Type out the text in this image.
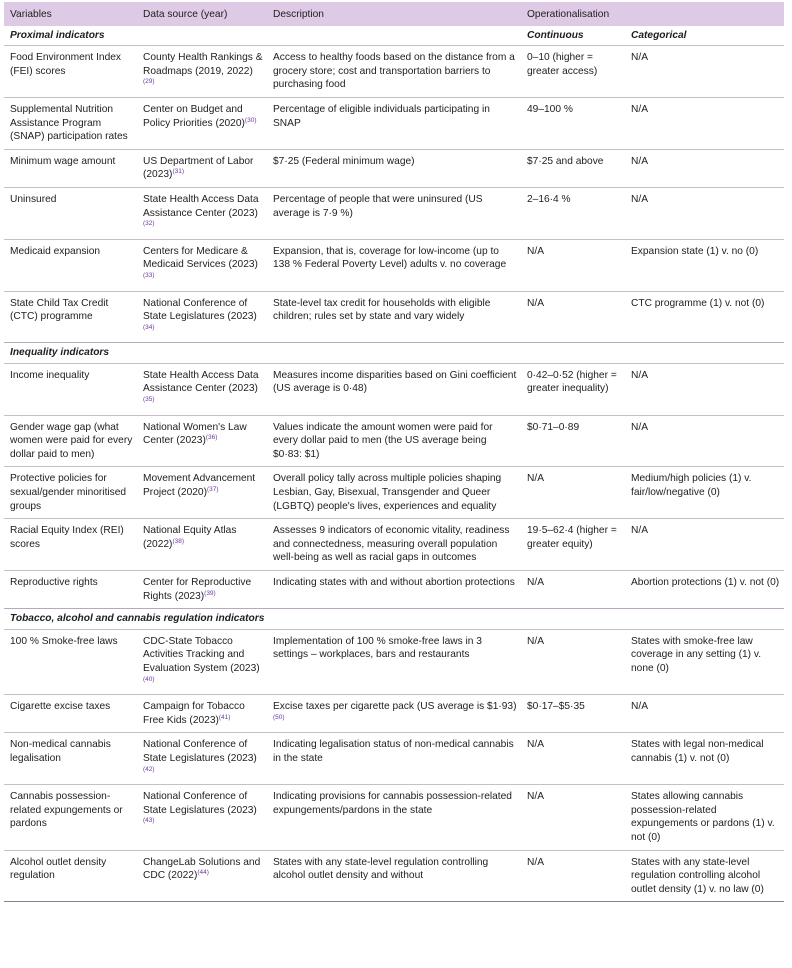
Variables	Data source (year)	Description	Operationalisation	
Proximal indicators			Continuous	Categorical
Food Environment Index (FEI) scores	County Health Rankings & Roadmaps (2019, 2022)$^{(29)}$	Access to healthy foods based on the distance from a grocery store; cost and transportation barriers to purchasing food	0–10 (higher = greater access)	N/A
Supplemental Nutrition Assistance Program (SNAP) participation rates	Center on Budget and Policy Priorities $(2020)^{(30)}$	Percentage of eligible individuals participating in SNAP	49–100 %	N/A
Minimum wage amount	US Department of Labor $(2023)^{(31)}$	$7·25 (Federal minimum wage)	$7·25 and above	N/A
Uninsured	State Health Access Data Assistance Center $(2023)^{(32)}$	Percentage of people that were uninsured (US average is 7·9 %)	2–16·4 %	N/A
Medicaid expansion	Centers for Medicare & Medicaid Services $(2023)^{(33)}$	Expansion, that is, coverage for low-income (up to 138 % Federal Poverty Level) adults v. no coverage	N/A	Expansion state (1) v. no (0)
State Child Tax Credit (CTC) programme	National Conference of State Legislatures $(2023)^{(34)}$	State-level tax credit for households with eligible children; rules set by state and vary widely	N/A	CTC programme (1) v. not (0)
Inequality indicators				
Income inequality	State Health Access Data Assistance Center $(2023)^{(35)}$	Measures income disparities based on Gini coefficient (US average is 0·48)	0·42–0·52 (higher = greater inequality)	N/A
Gender wage gap (what women were paid for every dollar paid to men)	National Women's Law Center $(2023)^{(36)}$	Values indicate the amount women were paid for every dollar paid to men (the US average being $0·83: $1)	$0·71–0·89	N/A
Protective policies for sexual/gender minoritised groups	Movement Advancement Project $(2020)^{(37)}$	Overall policy tally across multiple policies shaping Lesbian, Gay, Bisexual, Transgender and Queer (LGBTQ) people's lives, experiences and equality	N/A	Medium/high policies (1) v. fair/low/negative (0)
Racial Equity Index (REI) scores	National Equity Atlas $(2022)^{(38)}$	Assesses 9 indicators of economic vitality, readiness and connectedness, measuring overall population well-being as well as racial gaps in outcomes	19·5–62·4 (higher = greater equity)	N/A
Reproductive rights	Center for Reproductive Rights $(2023)^{(39)}$	Indicating states with and without abortion protections	N/A	Abortion protections (1) v. not (0)
Tobacco, alcohol and cannabis regulation indicators				
100 % Smoke-free laws	CDC-State Tobacco Activities Tracking and Evaluation System $(2023)^{(40)}$	Implementation of 100 % smoke-free laws in 3 settings – workplaces, bars and restaurants	N/A	States with smoke-free law coverage in any setting (1) v. none (0)
Cigarette excise taxes	Campaign for Tobacco Free Kids $(2023)^{(41)}$	Excise taxes per cigarette pack (US average is $1·93)$^{(50)}$	$0·17–$5·35	N/A
Non-medical cannabis legalisation	National Conference of State Legislatures $(2023)^{(42)}$	Indicating legalisation status of non-medical cannabis in the state	N/A	States with legal non-medical cannabis (1) v. not (0)
Cannabis possession-related expungements or pardons	National Conference of State Legislatures $(2023)^{(43)}$	Indicating provisions for cannabis possession-related expungements/pardons in the state	N/A	States allowing cannabis possession-related expungements or pardons (1) v. not (0)
Alcohol outlet density regulation	ChangeLab Solutions and CDC $(2022)^{(44)}$	States with any state-level regulation controlling alcohol outlet density and without	N/A	States with any state-level regulation controlling alcohol outlet density (1) v. no law (0)
